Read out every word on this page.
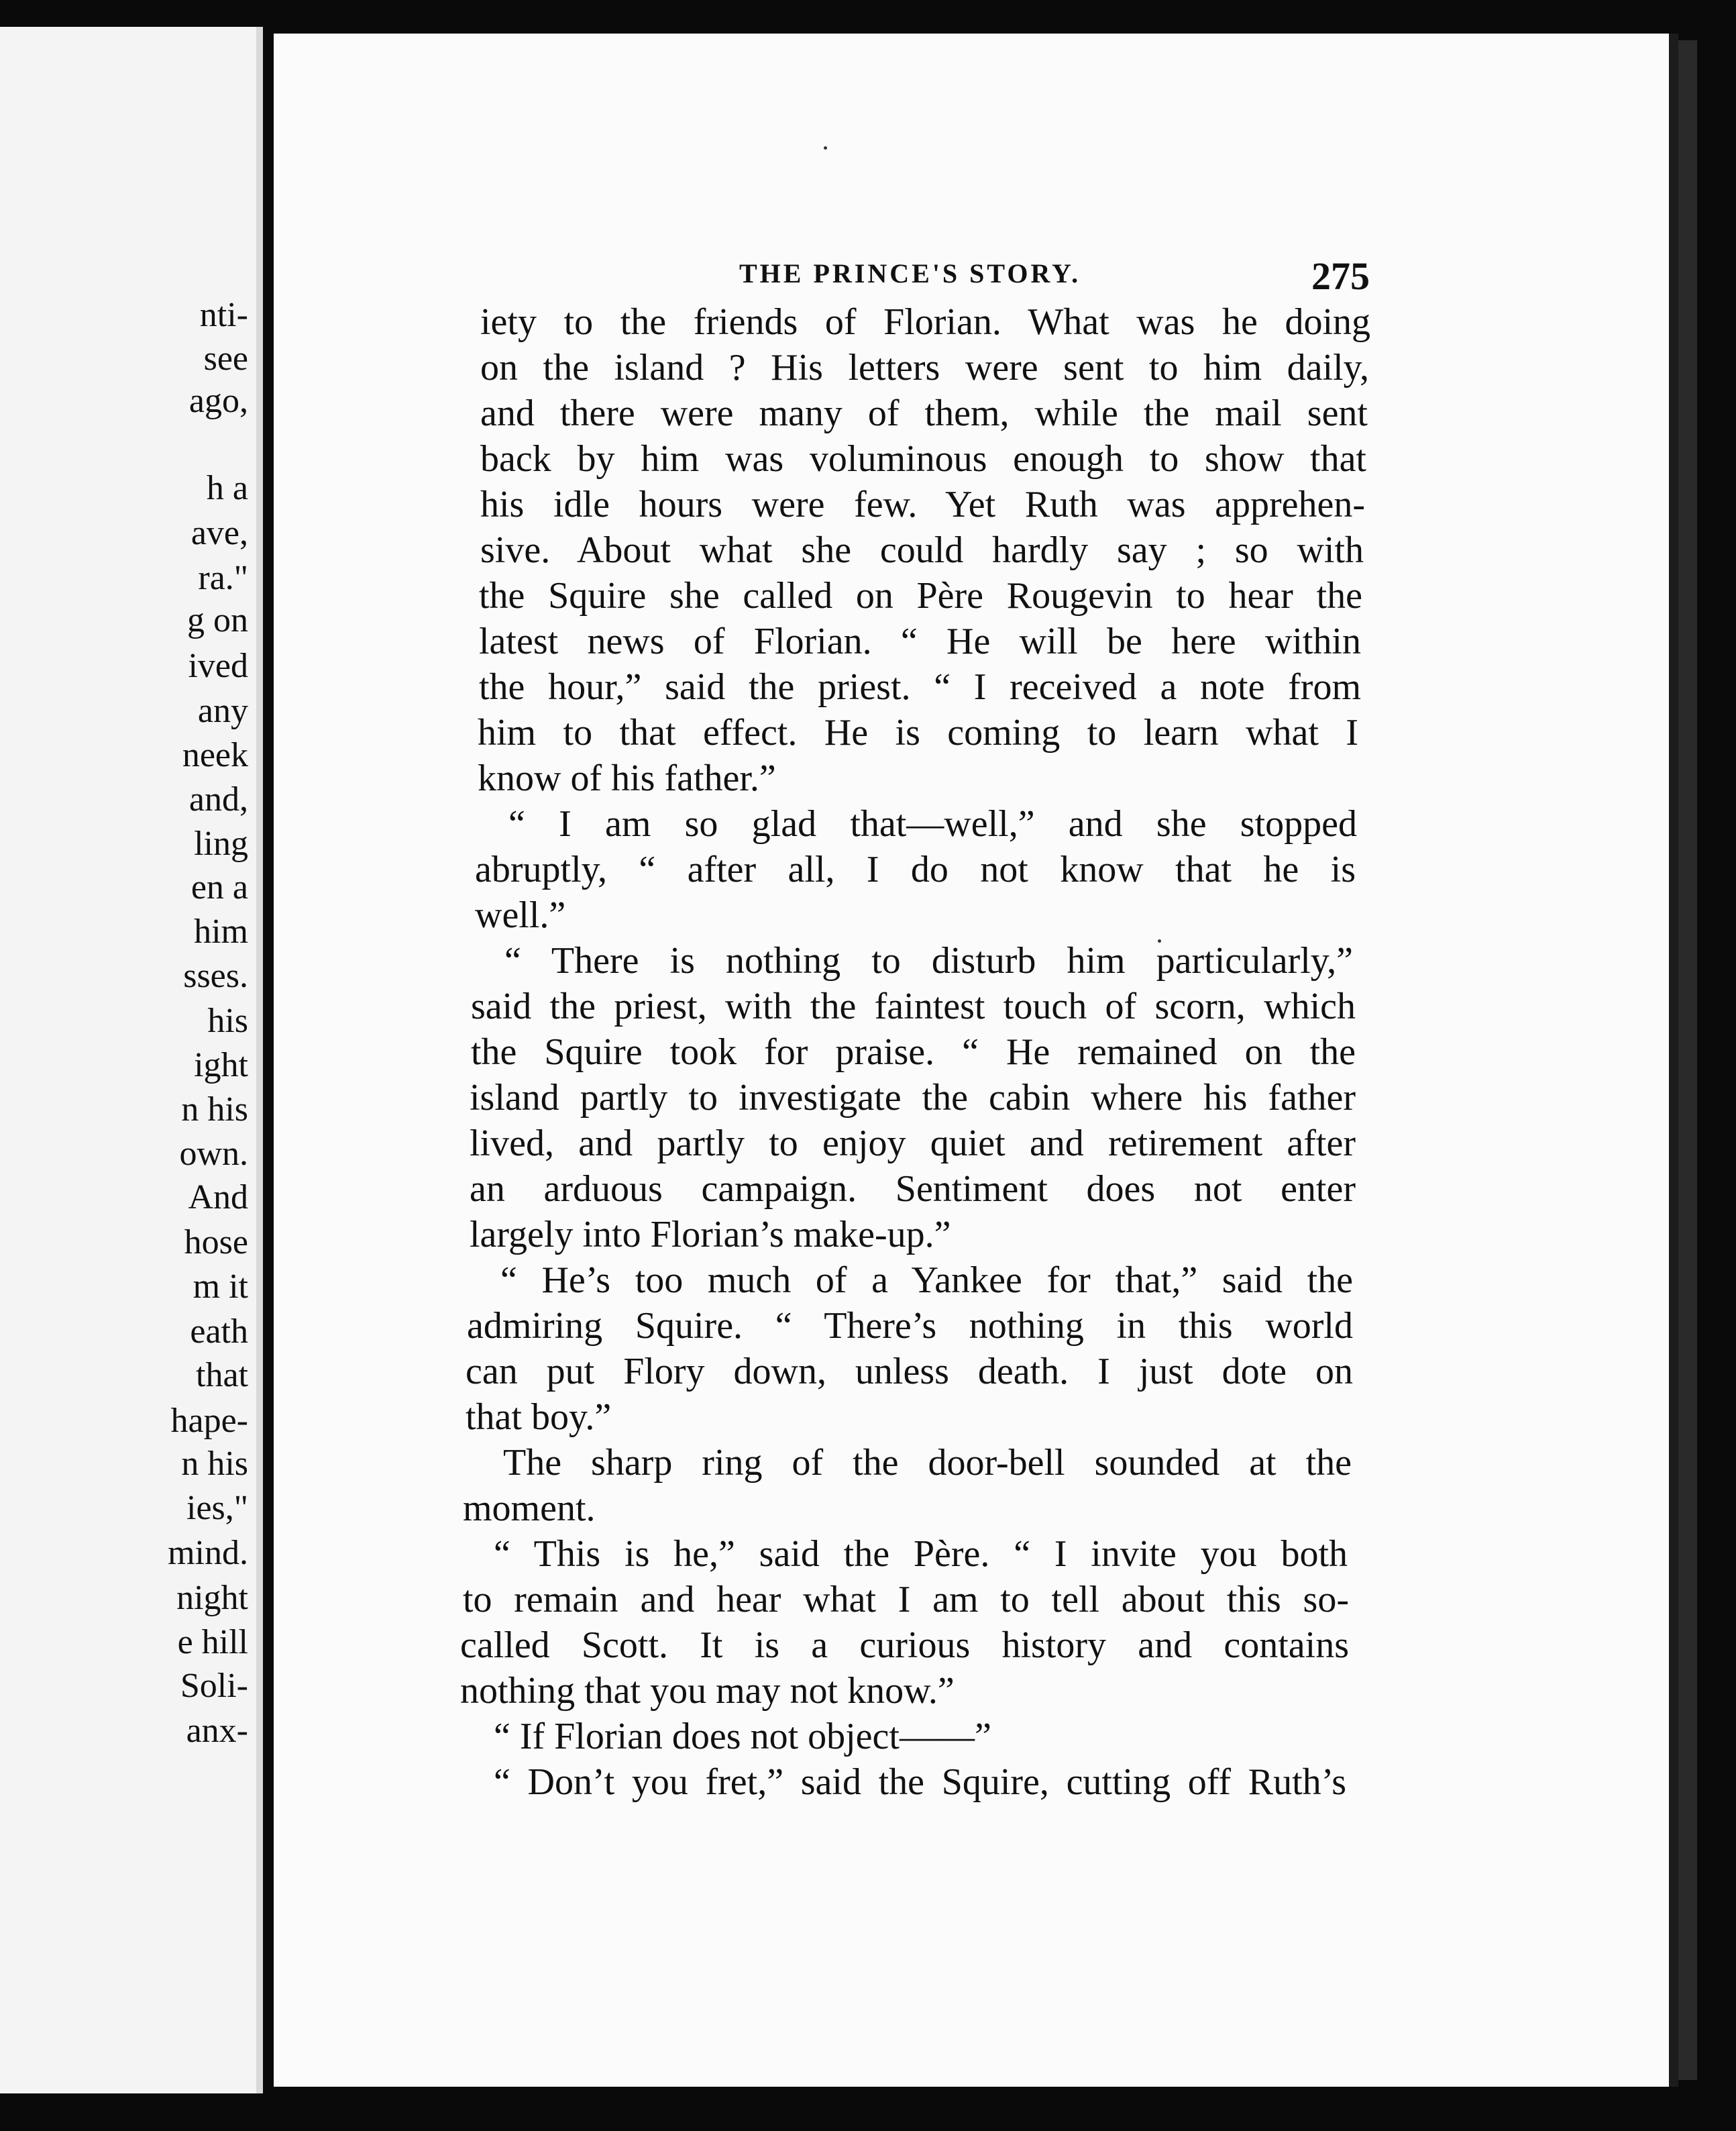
nti-

see

ago,

h a

ave,

ra."

g on

ived

any

neek

and,

ling

en a

him

sses.

his

ight

n his

own.

And

hose

m it

eath

that

hape-

n his

ies,"

mind.

night

e hill

Soli-

anx-

THE PRINCE'S STORY.	275

iety to the friends of Florian. What was he doing

on the island ? His letters were sent to him daily,

and there were many of them, while the mail sent

back by him was voluminous enough to show that

his idle hours were few. Yet Ruth was apprehen-

sive. About what she could hardly say ; so with

the Squire she called on Père Rougevin to hear the

latest news of Florian. “ He will be here within

the hour,” said the priest. “ I received a note from

him to that effect. He is coming to learn what I

know of his father.”

“ I am so glad that—well,” and she stopped

abruptly, “ after all, I do not know that he is

well.”

“ There is nothing to disturb him particularly,”

said the priest, with the faintest touch of scorn, which

the Squire took for praise. “ He remained on the

island partly to investigate the cabin where his father

lived, and partly to enjoy quiet and retirement after

an arduous campaign. Sentiment does not enter

largely into Florian’s make-up.”

“ He’s too much of a Yankee for that,” said the

admiring Squire. “ There’s nothing in this world

can put Flory down, unless death. I just dote on

that boy.”

The sharp ring of the door-bell sounded at the

moment.

“ This is he,” said the Père. “ I invite you both

to remain and hear what I am to tell about this so-

called Scott. It is a curious history and contains

nothing that you may not know.”

“ If Florian does not object——”

“ Don’t you fret,” said the Squire, cutting off Ruth’s
